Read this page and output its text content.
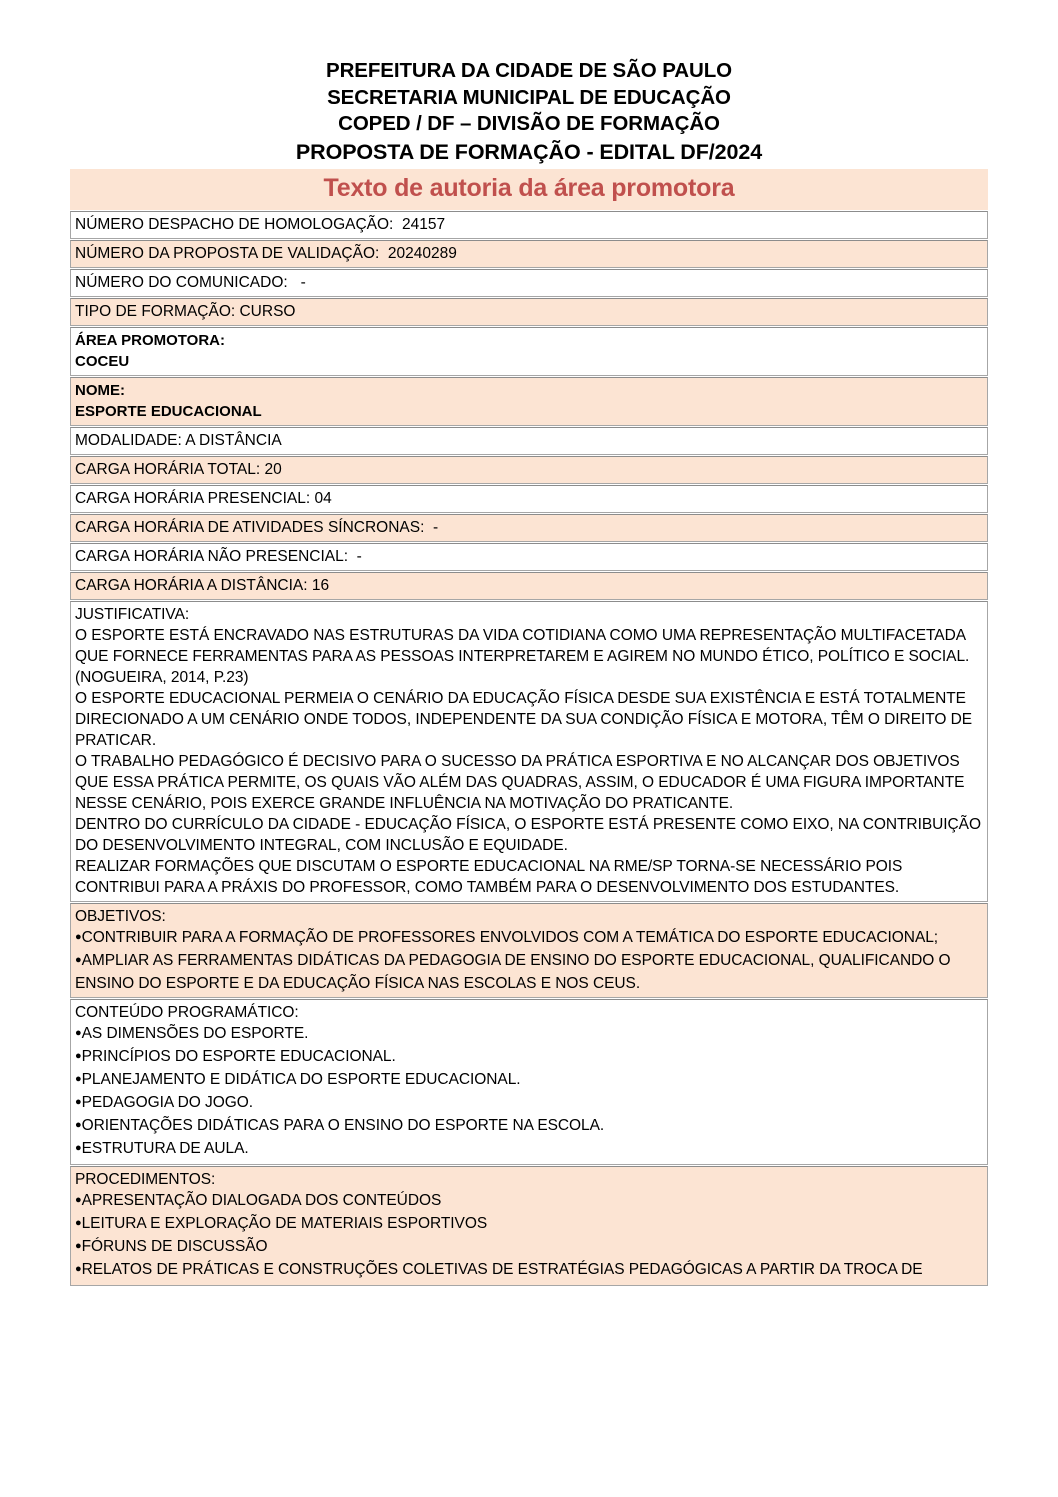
PREFEITURA DA CIDADE DE SÃO PAULO
SECRETARIA MUNICIPAL DE EDUCAÇÃO
COPED / DF – DIVISÃO DE FORMAÇÃO
PROPOSTA DE FORMAÇÃO - EDITAL DF/2024
Texto de autoria da área promotora
NÚMERO DESPACHO DE HOMOLOGAÇÃO:  24157

NÚMERO DA PROPOSTA DE VALIDAÇÃO:  20240289

NÚMERO DO COMUNICADO:   -

TIPO DE FORMAÇÃO: CURSO

ÁREA PROMOTORA:
COCEU

NOME:
ESPORTE EDUCACIONAL

MODALIDADE: A DISTÂNCIA

CARGA HORÁRIA TOTAL: 20

CARGA HORÁRIA PRESENCIAL: 04

CARGA HORÁRIA DE ATIVIDADES SÍNCRONAS:  -

CARGA HORÁRIA NÃO PRESENCIAL:  -

CARGA HORÁRIA A DISTÂNCIA: 16

JUSTIFICATIVA:
O ESPORTE ESTÁ ENCRAVADO NAS ESTRUTURAS DA VIDA COTIDIANA COMO UMA REPRESENTAÇÃO MULTIFACETADA QUE FORNECE FERRAMENTAS PARA AS PESSOAS INTERPRETAREM E AGIREM NO MUNDO ÉTICO, POLÍTICO E SOCIAL. (NOGUEIRA, 2014, P.23)
O ESPORTE EDUCACIONAL PERMEIA O CENÁRIO DA EDUCAÇÃO FÍSICA DESDE SUA EXISTÊNCIA E ESTÁ TOTALMENTE DIRECIONADO A UM CENÁRIO ONDE TODOS, INDEPENDENTE DA SUA CONDIÇÃO FÍSICA E MOTORA, TÊM O DIREITO DE PRATICAR.
O TRABALHO PEDAGÓGICO É DECISIVO PARA O SUCESSO DA PRÁTICA ESPORTIVA E NO ALCANÇAR DOS OBJETIVOS QUE ESSA PRÁTICA PERMITE, OS QUAIS VÃO ALÉM DAS QUADRAS, ASSIM, O EDUCADOR É UMA FIGURA IMPORTANTE NESSE CENÁRIO, POIS EXERCE GRANDE INFLUÊNCIA NA MOTIVAÇÃO DO PRATICANTE.
DENTRO DO CURRÍCULO DA CIDADE - EDUCAÇÃO FÍSICA, O ESPORTE ESTÁ PRESENTE COMO EIXO, NA CONTRIBUIÇÃO DO DESENVOLVIMENTO INTEGRAL, COM INCLUSÃO E EQUIDADE.
REALIZAR FORMAÇÕES QUE DISCUTAM O ESPORTE EDUCACIONAL NA RME/SP TORNA-SE NECESSÁRIO POIS CONTRIBUI PARA A PRÁXIS DO PROFESSOR, COMO TAMBÉM PARA O DESENVOLVIMENTO DOS ESTUDANTES.

OBJETIVOS:
● CONTRIBUIR PARA A FORMAÇÃO DE PROFESSORES ENVOLVIDOS COM A TEMÁTICA DO ESPORTE EDUCACIONAL;
● AMPLIAR AS FERRAMENTAS DIDÁTICAS DA PEDAGOGIA DE ENSINO DO ESPORTE EDUCACIONAL, QUALIFICANDO O ENSINO DO ESPORTE E DA EDUCAÇÃO FÍSICA NAS ESCOLAS E NOS CEUS.

CONTEÚDO PROGRAMÁTICO:
● AS DIMENSÕES DO ESPORTE.
● PRINCÍPIOS DO ESPORTE EDUCACIONAL.
● PLANEJAMENTO E DIDÁTICA DO ESPORTE EDUCACIONAL.
● PEDAGOGIA DO JOGO.
● ORIENTAÇÕES DIDÁTICAS PARA O ENSINO DO ESPORTE NA ESCOLA.
● ESTRUTURA DE AULA.

PROCEDIMENTOS:
● APRESENTAÇÃO DIALOGADA DOS CONTEÚDOS
● LEITURA E EXPLORAÇÃO DE MATERIAIS ESPORTIVOS
● FÓRUNS DE DISCUSSÃO
● RELATOS DE PRÁTICAS E CONSTRUÇÕES COLETIVAS DE ESTRATÉGIAS PEDAGÓGICAS A PARTIR DA TROCA DE
